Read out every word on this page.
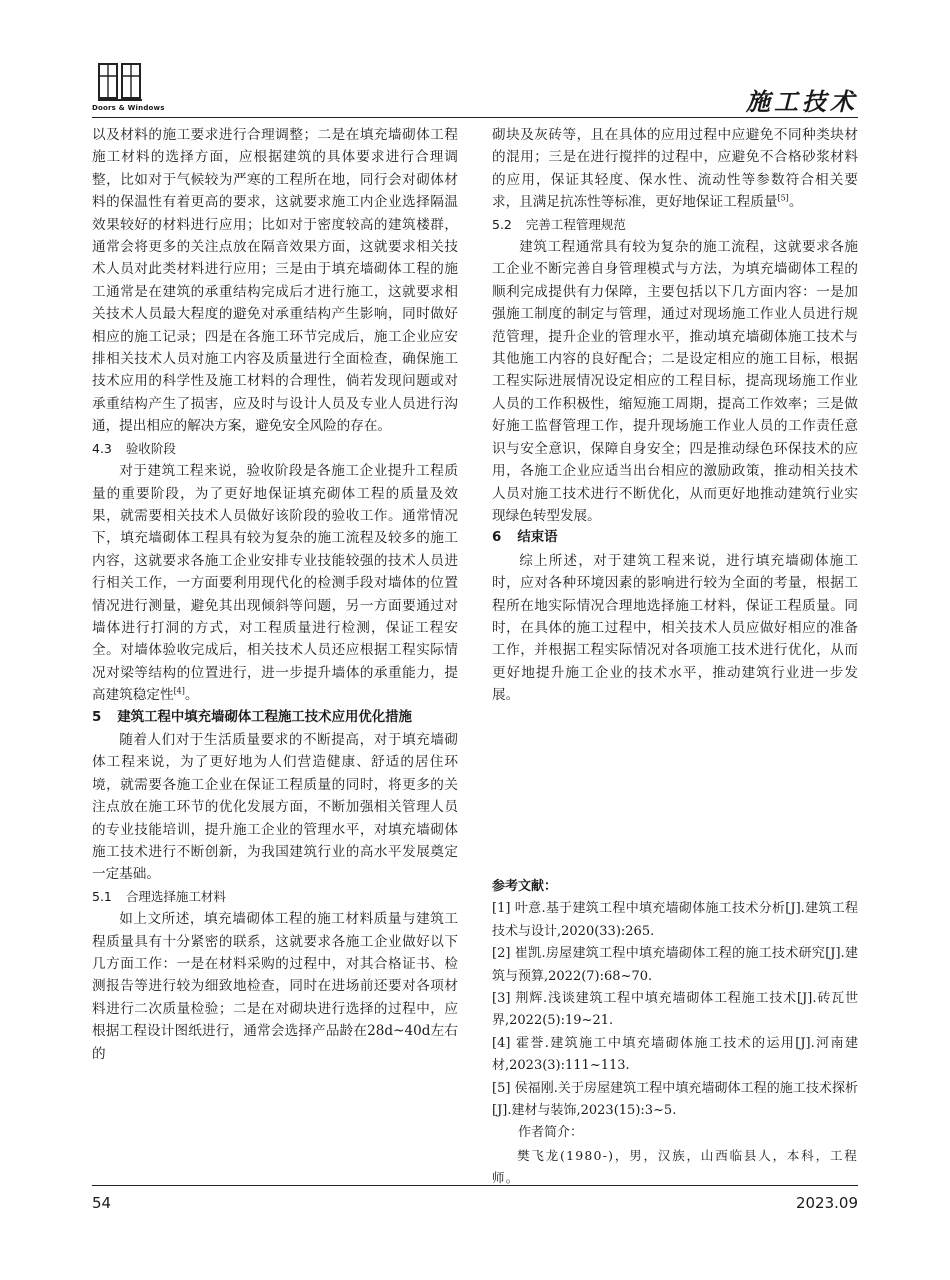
Doors & Windows	施工技术

以及材料的施工要求进行合理调整；二是在填充墙砌体工程施工材料的选择方面，应根据建筑的具体要求进行合理调整，比如对于气候较为严寒的工程所在地，同行会对砌体材料的保温性有着更高的要求，这就要求施工内企业选择隔温效果较好的材料进行应用；比如对于密度较高的建筑楼群，通常会将更多的关注点放在隔音效果方面，这就要求相关技术人员对此类材料进行应用；三是由于填充墙砌体工程的施工通常是在建筑的承重结构完成后才进行施工，这就要求相关技术人员最大程度的避免对承重结构产生影响，同时做好相应的施工记录；四是在各施工环节完成后，施工企业应安排相关技术人员对施工内容及质量进行全面检查，确保施工技术应用的科学性及施工材料的合理性，倘若发现问题或对承重结构产生了损害，应及时与设计人员及专业人员进行沟通，提出相应的解决方案，避免安全风险的存在。

4.3 验收阶段

对于建筑工程来说，验收阶段是各施工企业提升工程质量的重要阶段，为了更好地保证填充砌体工程的质量及效果，就需要相关技术人员做好该阶段的验收工作。通常情况下，填充墙砌体工程具有较为复杂的施工流程及较多的施工内容，这就要求各施工企业安排专业技能较强的技术人员进行相关工作，一方面要利用现代化的检测手段对墙体的位置情况进行测量，避免其出现倾斜等问题，另一方面要通过对墙体进行打洞的方式，对工程质量进行检测，保证工程安全。对墙体验收完成后，相关技术人员还应根据工程实际情况对梁等结构的位置进行，进一步提升墙体的承重能力，提高建筑稳定性[4]。

5 建筑工程中填充墙砌体工程施工技术应用优化措施

随着人们对于生活质量要求的不断提高，对于填充墙砌体工程来说，为了更好地为人们营造健康、舒适的居住环境，就需要各施工企业在保证工程质量的同时，将更多的关注点放在施工环节的优化发展方面，不断加强相关管理人员的专业技能培训，提升施工企业的管理水平，对填充墙砌体施工技术进行不断创新，为我国建筑行业的高水平发展奠定一定基础。

5.1 合理选择施工材料

如上文所述，填充墙砌体工程的施工材料质量与建筑工程质量具有十分紧密的联系，这就要求各施工企业做好以下几方面工作：一是在材料采购的过程中，对其合格证书、检测报告等进行较为细致地检查，同时在进场前还要对各项材料进行二次质量检验；二是在对砌块进行选择的过程中，应根据工程设计图纸进行，通常会选择产品龄在28d~40d左右的

砌块及灰砖等，且在具体的应用过程中应避免不同种类块材的混用；三是在进行搅拌的过程中，应避免不合格砂浆材料的应用，保证其轻度、保水性、流动性等参数符合相关要求，且满足抗冻性等标准，更好地保证工程质量[5]。

5.2 完善工程管理规范

建筑工程通常具有较为复杂的施工流程，这就要求各施工企业不断完善自身管理模式与方法，为填充墙砌体工程的顺利完成提供有力保障，主要包括以下几方面内容：一是加强施工制度的制定与管理，通过对现场施工作业人员进行规范管理，提升企业的管理水平，推动填充墙砌体施工技术与其他施工内容的良好配合；二是设定相应的施工目标，根据工程实际进展情况设定相应的工程目标，提高现场施工作业人员的工作积极性，缩短施工周期，提高工作效率；三是做好施工监督管理工作，提升现场施工作业人员的工作责任意识与安全意识，保障自身安全；四是推动绿色环保技术的应用，各施工企业应适当出台相应的激励政策，推动相关技术人员对施工技术进行不断优化，从而更好地推动建筑行业实现绿色转型发展。

6 结束语

综上所述，对于建筑工程来说，进行填充墙砌体施工时，应对各种环境因素的影响进行较为全面的考量，根据工程所在地实际情况合理地选择施工材料，保证工程质量。同时，在具体的施工过程中，相关技术人员应做好相应的准备工作，并根据工程实际情况对各项施工技术进行优化，从而更好地提升施工企业的技术水平，推动建筑行业进一步发展。

参考文献：

[1] 叶意.基于建筑工程中填充墙砌体施工技术分析[J].建筑工程技术与设计,2020(33):265.

[2] 崔凯.房屋建筑工程中填充墙砌体工程的施工技术研究[J].建筑与预算,2022(7):68~70.

[3] 荆辉.浅谈建筑工程中填充墙砌体工程施工技术[J].砖瓦世界,2022(5):19~21.

[4] 霍誉.建筑施工中填充墙砌体施工技术的运用[J].河南建材,2023(3):111~113.

[5] 侯福刚.关于房屋建筑工程中填充墙砌体工程的施工技术探析[J].建材与装饰,2023(15):3~5.

作者简介：

樊飞龙(1980-)，男，汉族，山西临县人，本科，工程师。

54	2023.09
